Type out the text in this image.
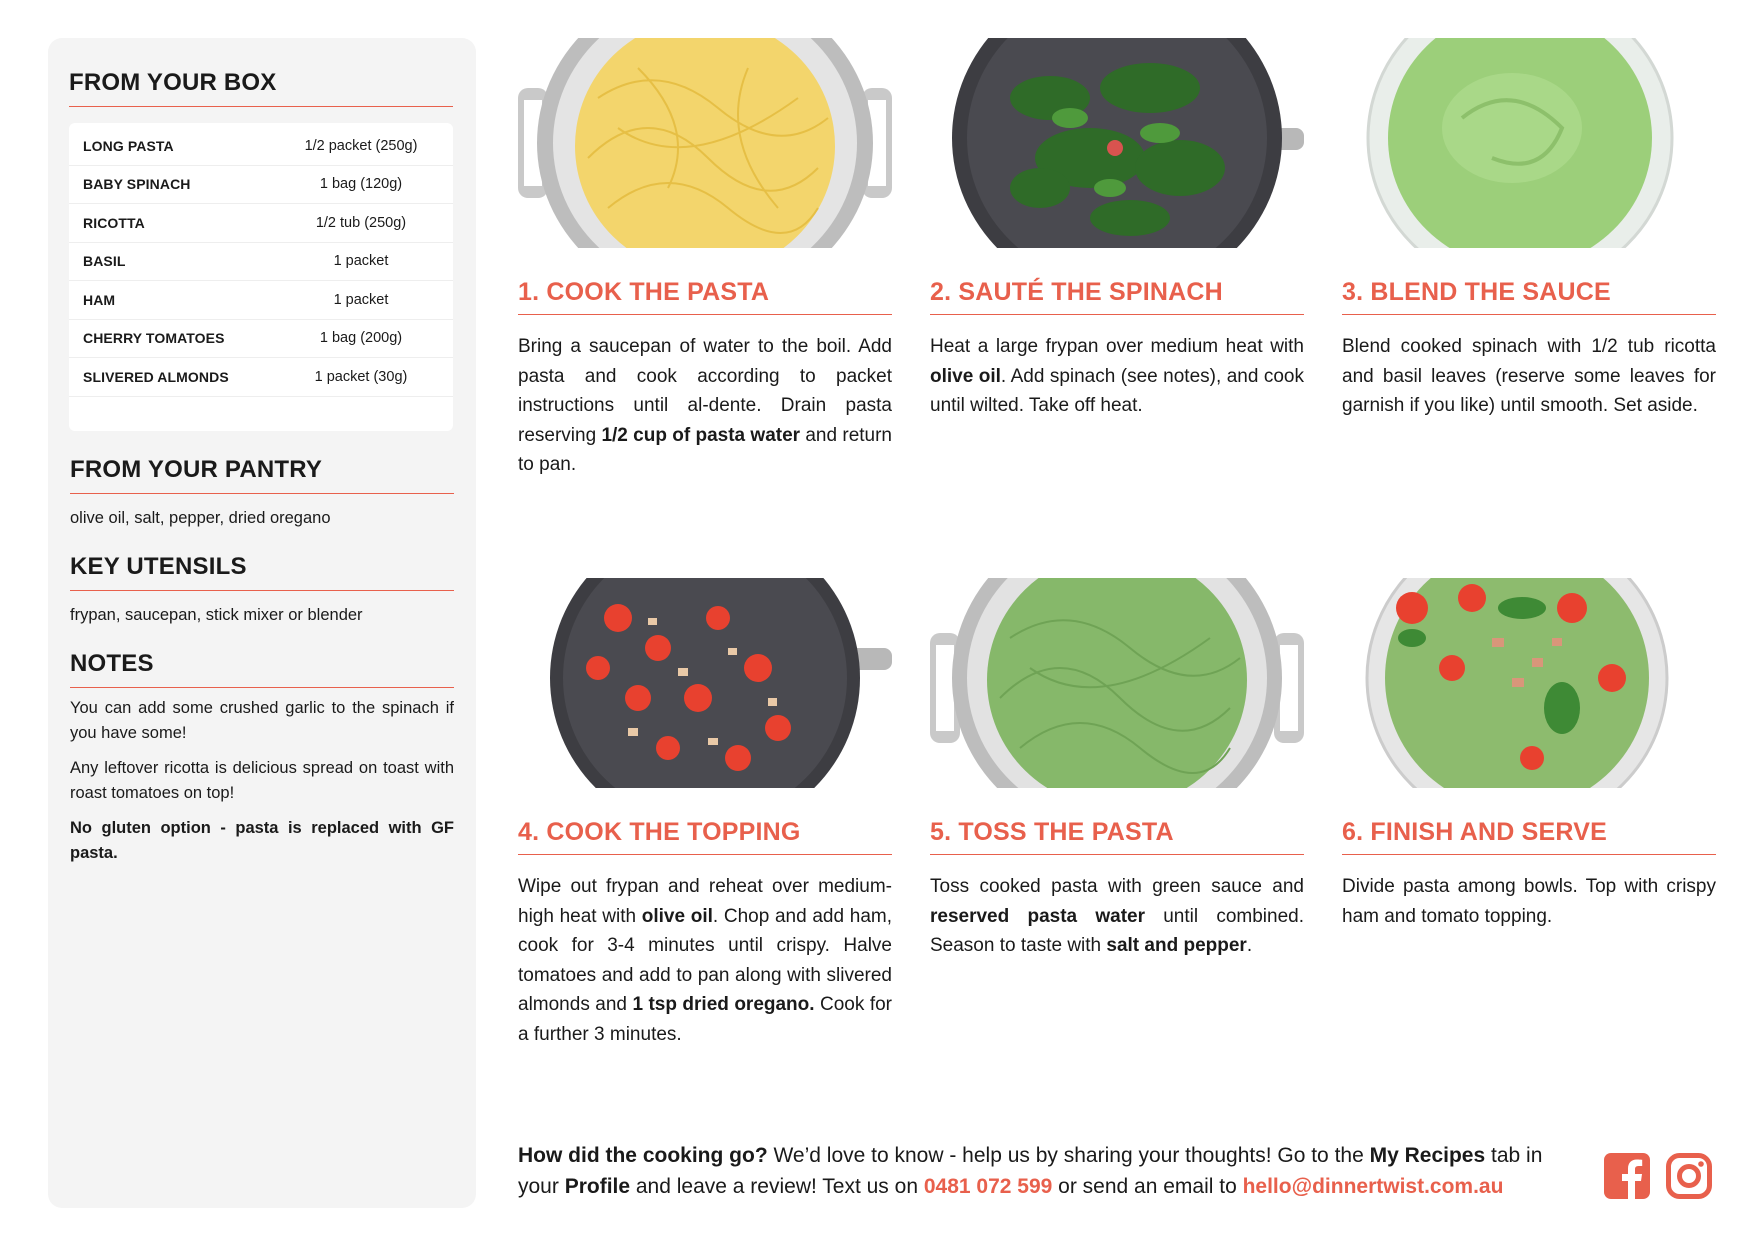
FROM YOUR BOX
LONG PASTA	1/2 packet (250g)
BABY SPINACH	1 bag (120g)
RICOTTA	1/2 tub (250g)
BASIL	1 packet
HAM	1 packet
CHERRY TOMATOES	1 bag (200g)
SLIVERED ALMONDS	1 packet (30g)
FROM YOUR PANTRY
olive oil, salt, pepper, dried oregano
KEY UTENSILS
frypan, saucepan, stick mixer or blender
NOTES
You can add some crushed garlic to the spinach if you have some!
Any leftover ricotta is delicious spread on toast with roast tomatoes on top!
No gluten option - pasta is replaced with GF pasta.
1. COOK THE PASTA
Bring a saucepan of water to the boil. Add pasta and cook according to packet instructions until al-dente. Drain pasta reserving 1/2 cup of pasta water and return to pan.
2. SAUTÉ THE SPINACH
Heat a large frypan over medium heat with olive oil. Add spinach (see notes), and cook until wilted. Take off heat.
3. BLEND THE SAUCE
Blend cooked spinach with 1/2 tub ricotta and basil leaves (reserve some leaves for garnish if you like) until smooth. Set aside.
4. COOK THE TOPPING
Wipe out frypan and reheat over medium-high heat with olive oil. Chop and add ham, cook for 3-4 minutes until crispy. Halve tomatoes and add to pan along with slivered almonds and 1 tsp dried oregano. Cook for a further 3 minutes.
5. TOSS THE PASTA
Toss cooked pasta with green sauce and reserved pasta water until combined. Season to taste with salt and pepper.
6. FINISH AND SERVE
Divide pasta among bowls. Top with crispy ham and tomato topping.
How did the cooking go? We’d love to know - help us by sharing your thoughts! Go to the My Recipes tab in your Profile and leave a review! Text us on 0481 072 599 or send an email to hello@dinnertwist.com.au
